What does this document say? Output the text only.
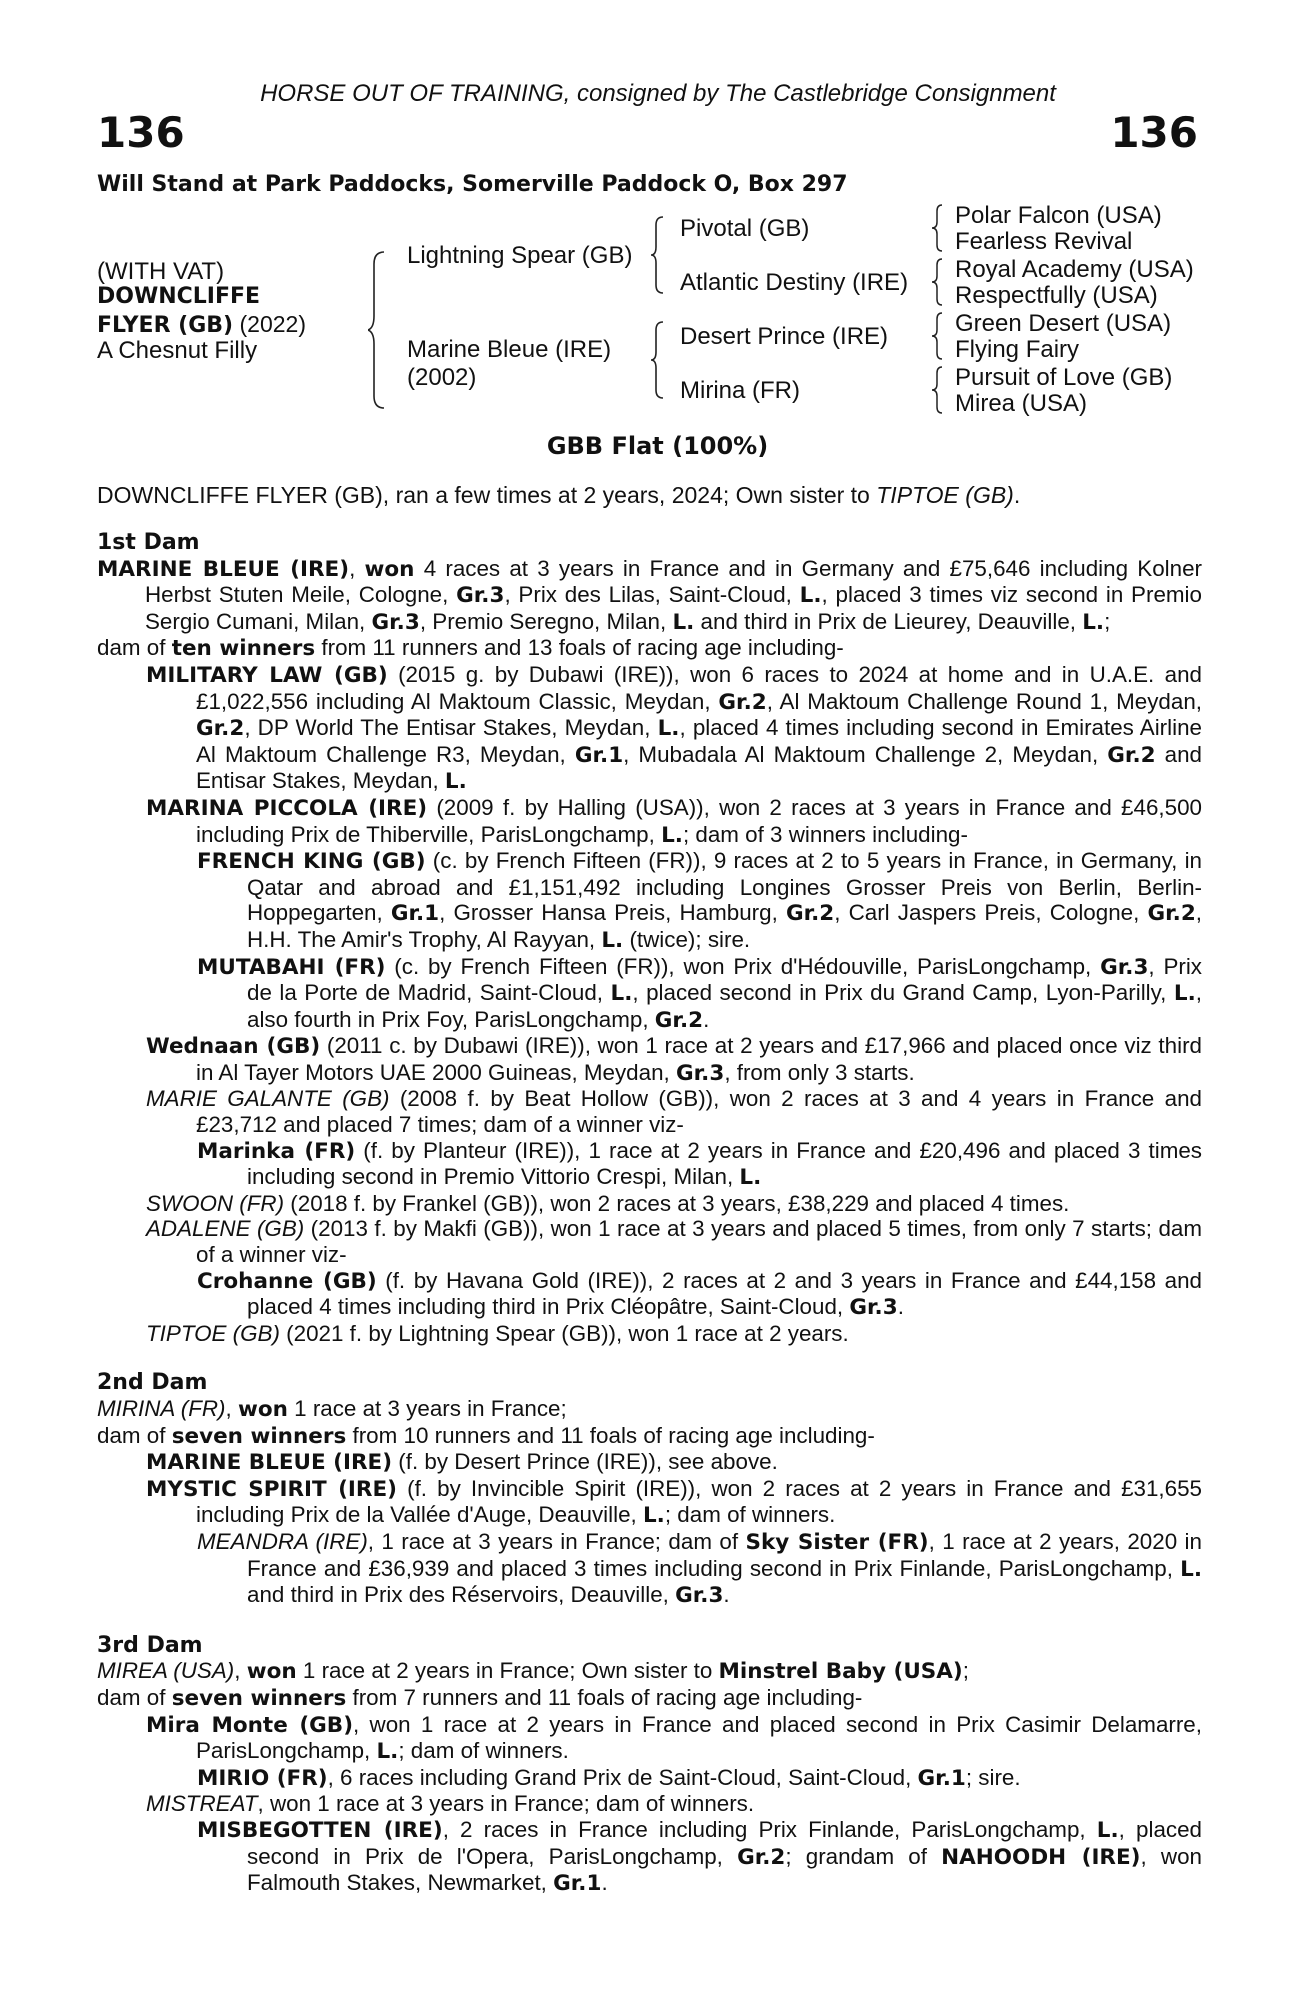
HORSE OUT OF TRAINING, consigned by The Castlebridge Consignment
136	136
Will Stand at Park Paddocks, Somerville Paddock O, Box 297
(WITH VAT)
DOWNCLIFFE
FLYER (GB) (2022)
A Chesnut Filly
Lightning Spear (GB)
Marine Bleue (IRE)
(2002)
Pivotal (GB)
Atlantic Destiny (IRE)
Desert Prince (IRE)
Mirina (FR)
Polar Falcon (USA)
Fearless Revival
Royal Academy (USA)
Respectfully (USA)
Green Desert (USA)
Flying Fairy
Pursuit of Love (GB)
Mirea (USA)
GBB Flat (100%)
DOWNCLIFFE FLYER (GB), ran a few times at 2 years, 2024; Own sister to TIPTOE (GB).

1st Dam

MARINE BLEUE (IRE), won 4 races at 3 years in France and in Germany and £75,646 including Kolner Herbst Stuten Meile, Cologne, Gr.3, Prix des Lilas, Saint-Cloud, L., placed 3 times viz second in Premio Sergio Cumani, Milan, Gr.3, Premio Seregno, Milan, L. and third in Prix de Lieurey, Deauville, L.;

dam of ten winners from 11 runners and 13 foals of racing age including-

MILITARY LAW (GB) (2015 g. by Dubawi (IRE)), won 6 races to 2024 at home and in U.A.E. and £1,022,556 including Al Maktoum Classic, Meydan, Gr.2, Al Maktoum Challenge Round 1, Meydan, Gr.2, DP World The Entisar Stakes, Meydan, L., placed 4 times including second in Emirates Airline Al Maktoum Challenge R3, Meydan, Gr.1, Mubadala Al Maktoum Challenge 2, Meydan, Gr.2 and Entisar Stakes, Meydan, L.

MARINA PICCOLA (IRE) (2009 f. by Halling (USA)), won 2 races at 3 years in France and £46,500 including Prix de Thiberville, ParisLongchamp, L.; dam of 3 winners including-

FRENCH KING (GB) (c. by French Fifteen (FR)), 9 races at 2 to 5 years in France, in Germany, in Qatar and abroad and £1,151,492 including Longines Grosser Preis von Berlin, Berlin-Hoppegarten, Gr.1, Grosser Hansa Preis, Hamburg, Gr.2, Carl Jaspers Preis, Cologne, Gr.2, H.H. The Amir's Trophy, Al Rayyan, L. (twice); sire.

MUTABAHI (FR) (c. by French Fifteen (FR)), won Prix d'Hédouville, ParisLongchamp, Gr.3, Prix de la Porte de Madrid, Saint-Cloud, L., placed second in Prix du Grand Camp, Lyon-Parilly, L., also fourth in Prix Foy, ParisLongchamp, Gr.2.

Wednaan (GB) (2011 c. by Dubawi (IRE)), won 1 race at 2 years and £17,966 and placed once viz third in Al Tayer Motors UAE 2000 Guineas, Meydan, Gr.3, from only 3 starts.

MARIE GALANTE (GB) (2008 f. by Beat Hollow (GB)), won 2 races at 3 and 4 years in France and £23,712 and placed 7 times; dam of a winner viz-

Marinka (FR) (f. by Planteur (IRE)), 1 race at 2 years in France and £20,496 and placed 3 times including second in Premio Vittorio Crespi, Milan, L.

SWOON (FR) (2018 f. by Frankel (GB)), won 2 races at 3 years, £38,229 and placed 4 times.

ADALENE (GB) (2013 f. by Makfi (GB)), won 1 race at 3 years and placed 5 times, from only 7 starts; dam of a winner viz-

Crohanne (GB) (f. by Havana Gold (IRE)), 2 races at 2 and 3 years in France and £44,158 and placed 4 times including third in Prix Cléopâtre, Saint-Cloud, Gr.3.

TIPTOE (GB) (2021 f. by Lightning Spear (GB)), won 1 race at 2 years.

2nd Dam

MIRINA (FR), won 1 race at 3 years in France;

dam of seven winners from 10 runners and 11 foals of racing age including-

MARINE BLEUE (IRE) (f. by Desert Prince (IRE)), see above.

MYSTIC SPIRIT (IRE) (f. by Invincible Spirit (IRE)), won 2 races at 2 years in France and £31,655 including Prix de la Vallée d'Auge, Deauville, L.; dam of winners.

MEANDRA (IRE), 1 race at 3 years in France; dam of Sky Sister (FR), 1 race at 2 years, 2020 in France and £36,939 and placed 3 times including second in Prix Finlande, ParisLongchamp, L. and third in Prix des Réservoirs, Deauville, Gr.3.

3rd Dam

MIREA (USA), won 1 race at 2 years in France; Own sister to Minstrel Baby (USA);

dam of seven winners from 7 runners and 11 foals of racing age including-

Mira Monte (GB), won 1 race at 2 years in France and placed second in Prix Casimir Delamarre, ParisLongchamp, L.; dam of winners.

MIRIO (FR), 6 races including Grand Prix de Saint-Cloud, Saint-Cloud, Gr.1; sire.

MISTREAT, won 1 race at 3 years in France; dam of winners.

MISBEGOTTEN (IRE), 2 races in France including Prix Finlande, ParisLongchamp, L., placed second in Prix de l'Opera, ParisLongchamp, Gr.2; grandam of NAHOODH (IRE), won Falmouth Stakes, Newmarket, Gr.1.
